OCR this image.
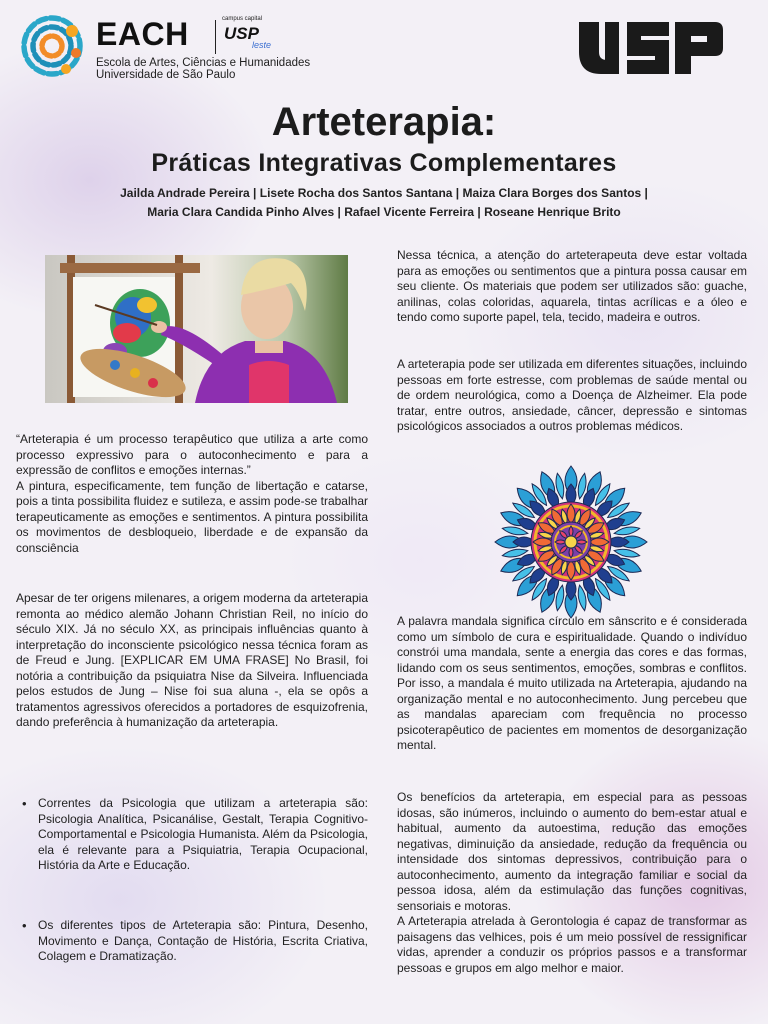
EACH	campus capital
USP
leste
Escola de Artes, Ciências e Humanidades
Universidade de São Paulo
Arteterapia:
Práticas Integrativas Complementares
Jailda Andrade Pereira | Lisete Rocha dos Santos Santana | Maiza Clara Borges dos Santos |
Maria Clara Candida Pinho Alves | Rafael Vicente Ferreira | Roseane Henrique Brito

“Arteterapia é um processo terapêutico que utiliza a arte como processo expressivo para o autoconhecimento e para a expressão de conflitos e emoções internas.”

A pintura, especificamente, tem função de libertação e catarse, pois a tinta possibilita fluidez e sutileza, e assim pode-se trabalhar terapeuticamente as emoções e sentimentos. A pintura possibilita os movimentos de desbloqueio, liberdade e de expansão da consciência

Apesar de ter origens milenares, a origem moderna da arteterapia remonta ao médico alemão Johann Christian Reil, no início do século XIX. Já no século XX, as principais influências quanto à interpretação do inconsciente psicológico nessa técnica foram as de Freud e Jung. [EXPLICAR EM UMA FRASE] No Brasil, foi notória a contribuição da psiquiatra Nise da Silveira. Influenciada pelos estudos de Jung – Nise foi sua aluna -, ela se opôs a tratamentos agressivos oferecidos a portadores de esquizofrenia, dando preferência à humanização da arteterapia.
• Correntes da Psicologia que utilizam a arteterapia são: Psicologia Analítica, Psicanálise, Gestalt, Terapia Cognitivo-Comportamental e Psicologia Humanista. Além da Psicologia, ela é relevante para a Psiquiatria, Terapia Ocupacional, História da Arte e Educação.
• Os diferentes tipos de Arteterapia são: Pintura, Desenho, Movimento e Dança, Contação de História, Escrita Criativa, Colagem e Dramatização.
Nessa técnica, a atenção do arteterapeuta deve estar voltada para as emoções ou sentimentos que a pintura possa causar em seu cliente. Os materiais que podem ser utilizados são: guache, anilinas, colas coloridas, aquarela, tintas acrílicas e a óleo e tendo como suporte papel, tela, tecido, madeira e outros.
A arteterapia pode ser utilizada em diferentes situações, incluindo pessoas em forte estresse, com problemas de saúde mental ou de ordem neurológica, como a Doença de Alzheimer. Ela pode tratar, entre outros, ansiedade, câncer, depressão e sintomas psicológicos associados a outros problemas médicos.
A palavra mandala significa círculo em sânscrito e é considerada como um símbolo de cura e espiritualidade. Quando o indivíduo constrói uma mandala, sente a energia das cores e das formas, lidando com os seus sentimentos, emoções, sombras e conflitos. Por isso, a mandala é muito utilizada na Arteterapia, ajudando na organização mental e no autoconhecimento. Jung percebeu que as mandalas apareciam com frequência no processo psicoterapêutico de pacientes em momentos de desorganização mental.

Os benefícios da arteterapia, em especial para as pessoas idosas, são inúmeros, incluindo o aumento do bem-estar atual e habitual, aumento da autoestima, redução das emoções negativas, diminuição da ansiedade, redução da frequência ou intensidade dos sintomas depressivos, contribuição para o autoconhecimento, aumento da integração familiar e social da pessoa idosa, além da estimulação das funções cognitivas, sensoriais e motoras.

A Arteterapia atrelada à Gerontologia é capaz de transformar as paisagens das velhices, pois é um meio possível de ressignificar vidas, aprender a conduzir os próprios passos e a transformar pessoas e grupos em algo melhor e maior.
